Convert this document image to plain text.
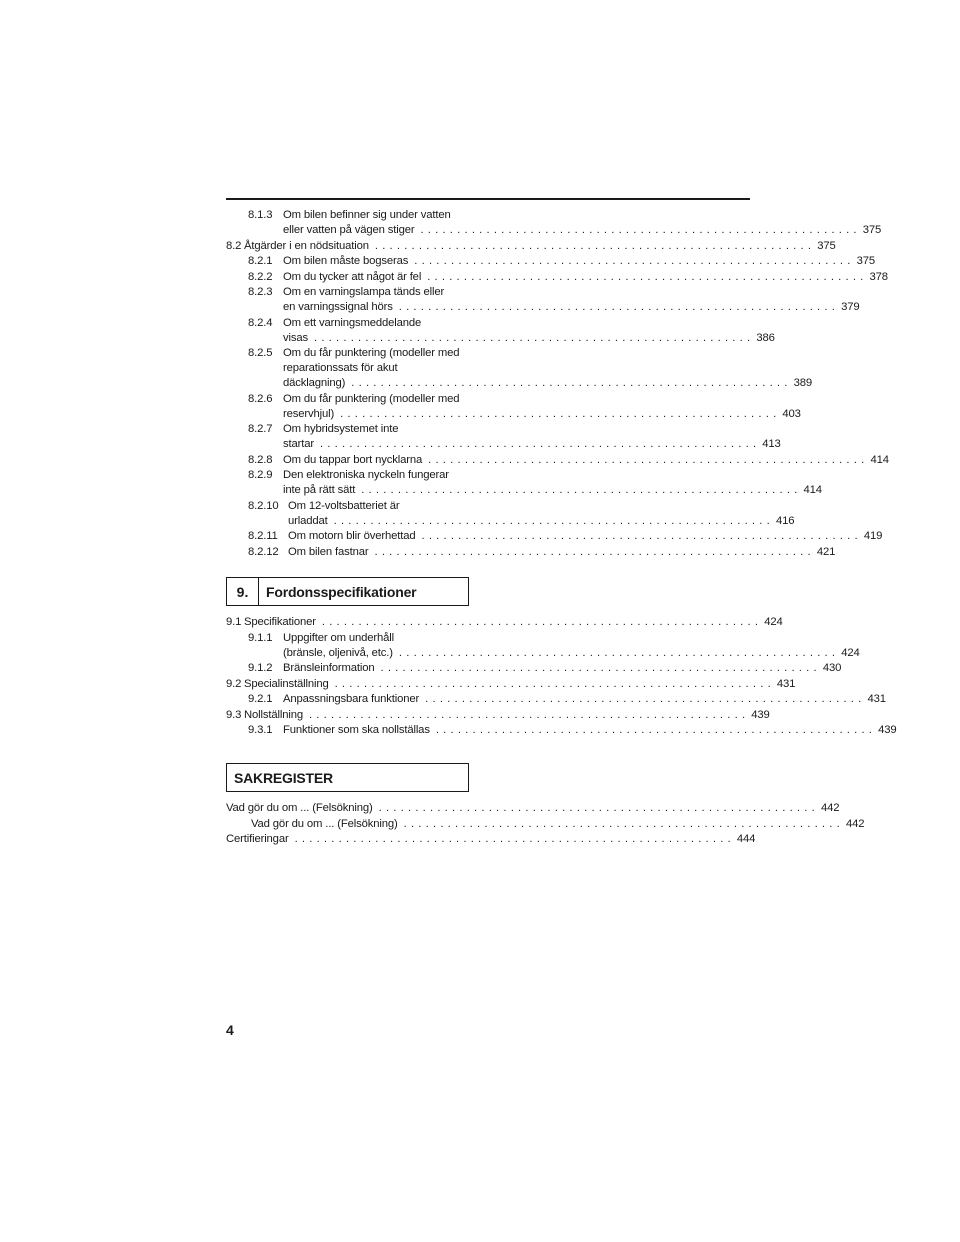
8.1.3 Om bilen befinner sig under vatten
eller vatten på vägen stiger ............................................................ 375
8.2 Åtgärder i en nödsituation ............................................................ 375
8.2.1 Om bilen måste bogseras ............................................................ 375
8.2.2 Om du tycker att något är fel ............................................................ 378
8.2.3 Om en varningslampa tänds eller
en varningssignal hörs ............................................................ 379
8.2.4 Om ett varningsmeddelande
visas ............................................................ 386
8.2.5 Om du får punktering (modeller med
reparationssats för akut
däcklagning) ............................................................ 389
8.2.6 Om du får punktering (modeller med
reservhjul) ............................................................ 403
8.2.7 Om hybridsystemet inte
startar ............................................................ 413
8.2.8 Om du tappar bort nycklarna ............................................................ 414
8.2.9 Den elektroniska nyckeln fungerar
inte på rätt sätt ............................................................ 414
8.2.10 Om 12-voltsbatteriet är
urladdat ............................................................ 416
8.2.11 Om motorn blir överhettad ............................................................ 419
8.2.12 Om bilen fastnar ............................................................ 421
9.	Fordonsspecifikationer
9.1 Specifikationer ............................................................ 424
9.1.1 Uppgifter om underhåll
(bränsle, oljenivå, etc.) ............................................................ 424
9.1.2 Bränsleinformation ............................................................ 430
9.2 Specialinställning ............................................................ 431
9.2.1 Anpassningsbara funktioner ............................................................ 431
9.3 Nollställning ............................................................ 439
9.3.1 Funktioner som ska nollställas ............................................................ 439
SAKREGISTER
Vad gör du om ... (Felsökning) ............................................................ 442
Vad gör du om ... (Felsökning) ............................................................ 442
Certifieringar ............................................................ 444
4
